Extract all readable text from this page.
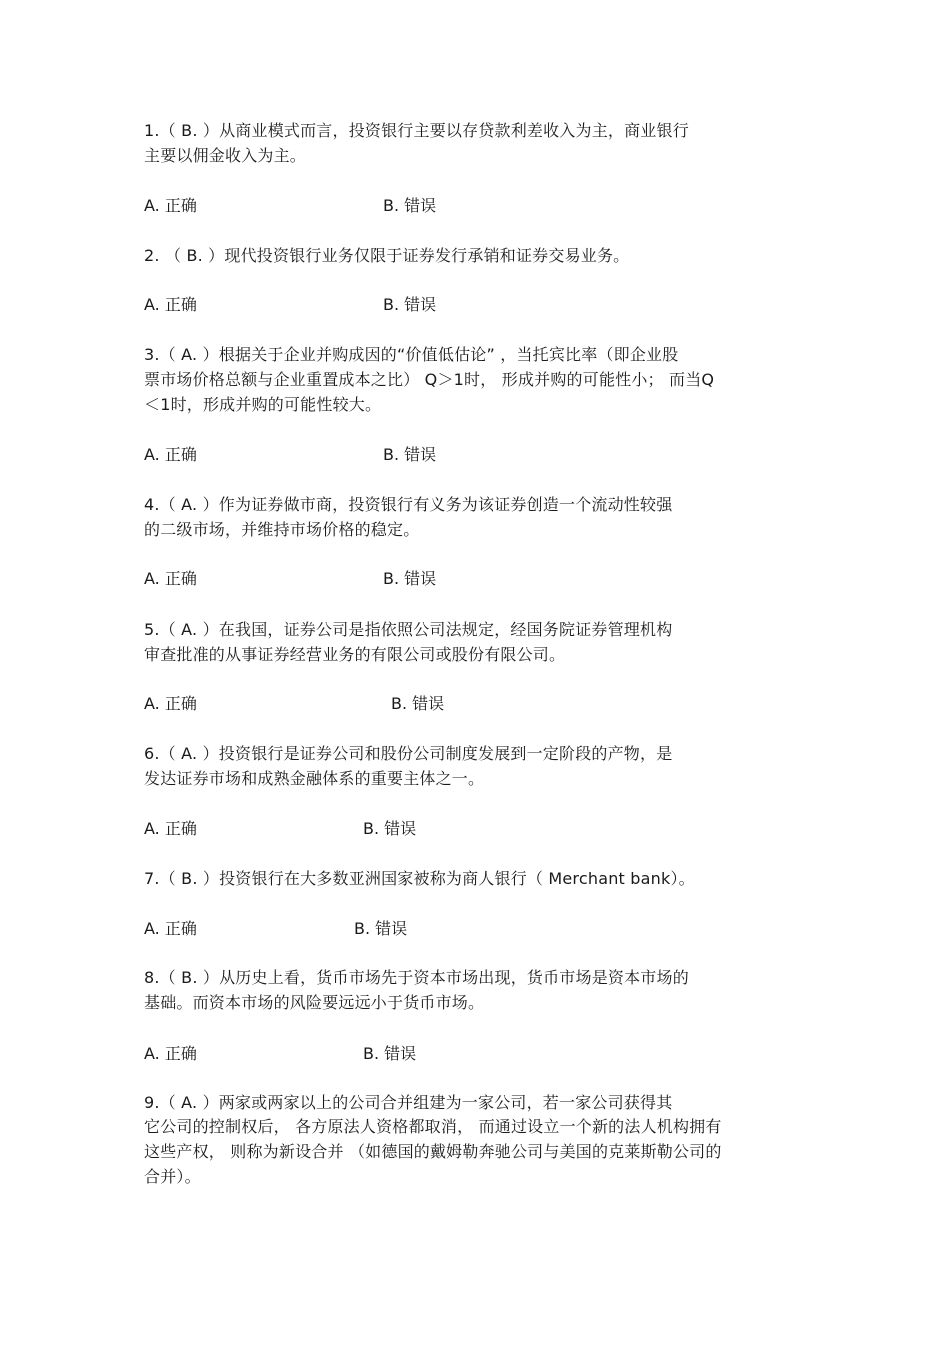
1.（ B. ）从商业模式而言，投资银行主要以存贷款利差收入为主，商业银行
主要以佣金收入为主。
A. 正确	B. 错误
2. （ B. ）现代投资银行业务仅限于证券发行承销和证券交易业务。
A. 正确	B. 错误
3.（ A. ）根据关于企业并购成因的“价值低估论” ，当托宾比率（即企业股
票市场价格总额与企业重置成本之比） Q＞1时， 形成并购的可能性小； 而当Q
＜1时，形成并购的可能性较大。
A. 正确	B. 错误
4.（ A. ）作为证券做市商，投资银行有义务为该证券创造一个流动性较强
的二级市场，并维持市场价格的稳定。
A. 正确	B. 错误
5.（ A. ）在我国，证券公司是指依照公司法规定，经国务院证券管理机构
审查批准的从事证券经营业务的有限公司或股份有限公司。
A. 正确	B. 错误
6.（ A. ）投资银行是证券公司和股份公司制度发展到一定阶段的产物，是
发达证券市场和成熟金融体系的重要主体之一。
A. 正确	B. 错误
7.（ B. ）投资银行在大多数亚洲国家被称为商人银行（ Merchant bank）。
A. 正确	B. 错误
8.（ B. ）从历史上看，货币市场先于资本市场出现，货币市场是资本市场的
基础。而资本市场的风险要远远小于货币市场。
A. 正确	B. 错误
9.（ A. ）两家或两家以上的公司合并组建为一家公司，若一家公司获得其
它公司的控制权后， 各方原法人资格都取消， 而通过设立一个新的法人机构拥有
这些产权， 则称为新设合并 （如德国的戴姆勒奔驰公司与美国的克莱斯勒公司的
合并）。
